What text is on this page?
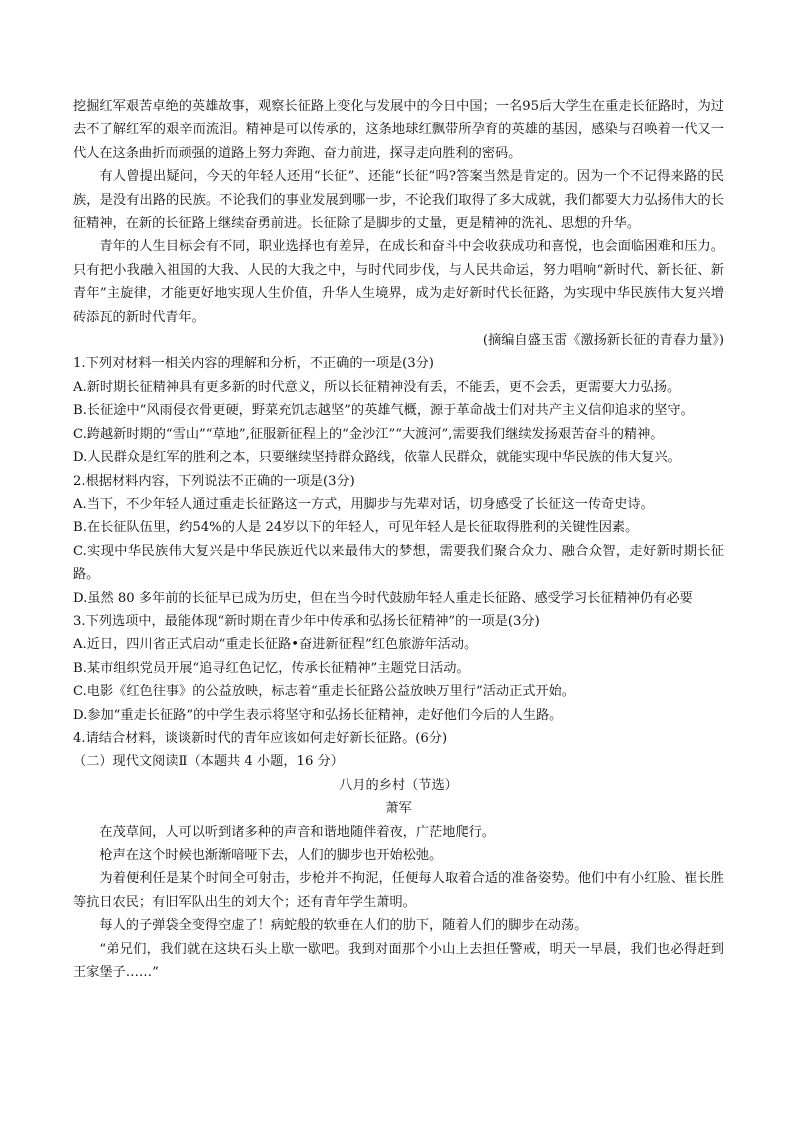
挖掘红军艰苦卓绝的英雄故事，观察长征路上变化与发展中的今日中国；一名95后大学生在重走长征路时，为过去不了解红军的艰辛而流泪。精神是可以传承的，这条地球红飘带所孕育的英雄的基因，感染与召唤着一代又一代人在这条曲折而顽强的道路上努力奔跑、奋力前进，探寻走向胜利的密码。

有人曾提出疑问，今天的年轻人还用“长征”、还能“长征”吗?答案当然是肯定的。因为一个不记得来路的民族，是没有出路的民族。不论我们的事业发展到哪一步，不论我们取得了多大成就，我们都要大力弘扬伟大的长征精神，在新的长征路上继续奋勇前进。长征除了是脚步的丈量，更是精神的洗礼、思想的升华。

青年的人生目标会有不同，职业选择也有差异，在成长和奋斗中会收获成功和喜悦，也会面临困难和压力。只有把小我融入祖国的大我、人民的大我之中，与时代同步伐，与人民共命运，努力唱响“新时代、新长征、新青年”主旋律，才能更好地实现人生价值，升华人生境界，成为走好新时代长征路，为实现中华民族伟大复兴增砖添瓦的新时代青年。

(摘编自盛玉雷《激扬新长征的青春力量》)

1.下列对材料一相关内容的理解和分析，不正确的一项是(3分)

A.新时期长征精神具有更多新的时代意义，所以长征精神没有丢，不能丢，更不会丢，更需要大力弘扬。

B.长征途中“风雨侵衣骨更硬，野菜充饥志越坚”的英雄气概，源于革命战士们对共产主义信仰追求的坚守。

C.跨越新时期的“雪山”“草地”,征服新征程上的“金沙江”“大渡河”,需要我们继续发扬艰苦奋斗的精神。

D.人民群众是红军的胜利之本，只要继续坚持群众路线，依靠人民群众，就能实现中华民族的伟大复兴。

2.根据材料内容，下列说法不正确的一项是(3分)

A.当下，不少年轻人通过重走长征路这一方式，用脚步与先辈对话，切身感受了长征这一传奇史诗。

B.在长征队伍里，约54%的人是 24岁以下的年轻人，可见年轻人是长征取得胜利的关键性因素。

C.实现中华民族伟大复兴是中华民族近代以来最伟大的梦想，需要我们聚合众力、融合众智，走好新时期长征路。

D.虽然 80 多年前的长征早已成为历史，但在当今时代鼓励年轻人重走长征路、感受学习长征精神仍有必要

3.下列选项中，最能体现“新时期在青少年中传承和弘扬长征精神”的一项是(3分)

A.近日，四川省正式启动“重走长征路•奋进新征程”红色旅游年活动。

B.某市组织党员开展“追寻红色记忆，传承长征精神”主题党日活动。

C.电影《红色往事》的公益放映，标志着“重走长征路公益放映万里行”活动正式开始。

D.参加“重走长征路”的中学生表示将坚守和弘扬长征精神，走好他们今后的人生路。

4.请结合材料，谈谈新时代的青年应该如何走好新长征路。(6分)

（二）现代文阅读Ⅱ（本题共 4 小题，16 分）

八月的乡村（节选）

萧军

在茂草间，人可以听到诸多种的声音和谐地随伴着夜，广茫地爬行。

枪声在这个时候也渐渐喑哑下去，人们的脚步也开始松弛。

为着便利任是某个时间全可射击，步枪并不拘泥，任便每人取着合适的准备姿势。他们中有小红脸、崔长胜等抗日农民；有旧军队出生的刘大个；还有青年学生萧明。

每人的子弹袋全变得空虚了！病蛇般的软垂在人们的肋下，随着人们的脚步在动荡。

“弟兄们，我们就在这块石头上歇一歇吧。我到对面那个小山上去担任警戒，明天一早晨，我们也必得赶到王家堡子……”
